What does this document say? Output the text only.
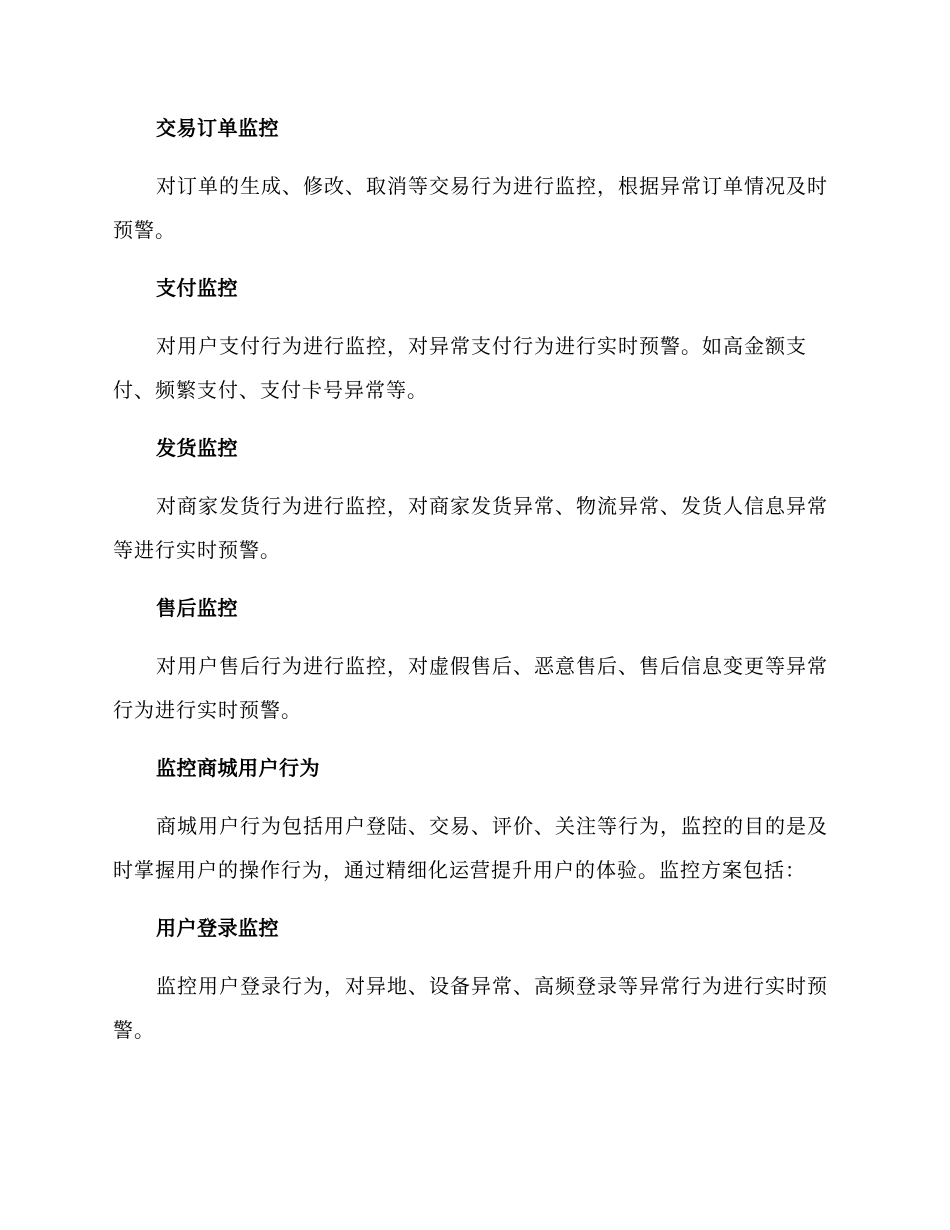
交易订单监控

对订单的生成、修改、取消等交易行为进行监控，根据异常订单情况及时预警。

支付监控

对用户支付行为进行监控，对异常支付行为进行实时预警。如高金额支付、频繁支付、支付卡号异常等。

发货监控

对商家发货行为进行监控，对商家发货异常、物流异常、发货人信息异常等进行实时预警。

售后监控

对用户售后行为进行监控，对虚假售后、恶意售后、售后信息变更等异常行为进行实时预警。

监控商城用户行为

商城用户行为包括用户登陆、交易、评价、关注等行为，监控的目的是及时掌握用户的操作行为，通过精细化运营提升用户的体验。监控方案包括：

用户登录监控

监控用户登录行为，对异地、设备异常、高频登录等异常行为进行实时预警。
